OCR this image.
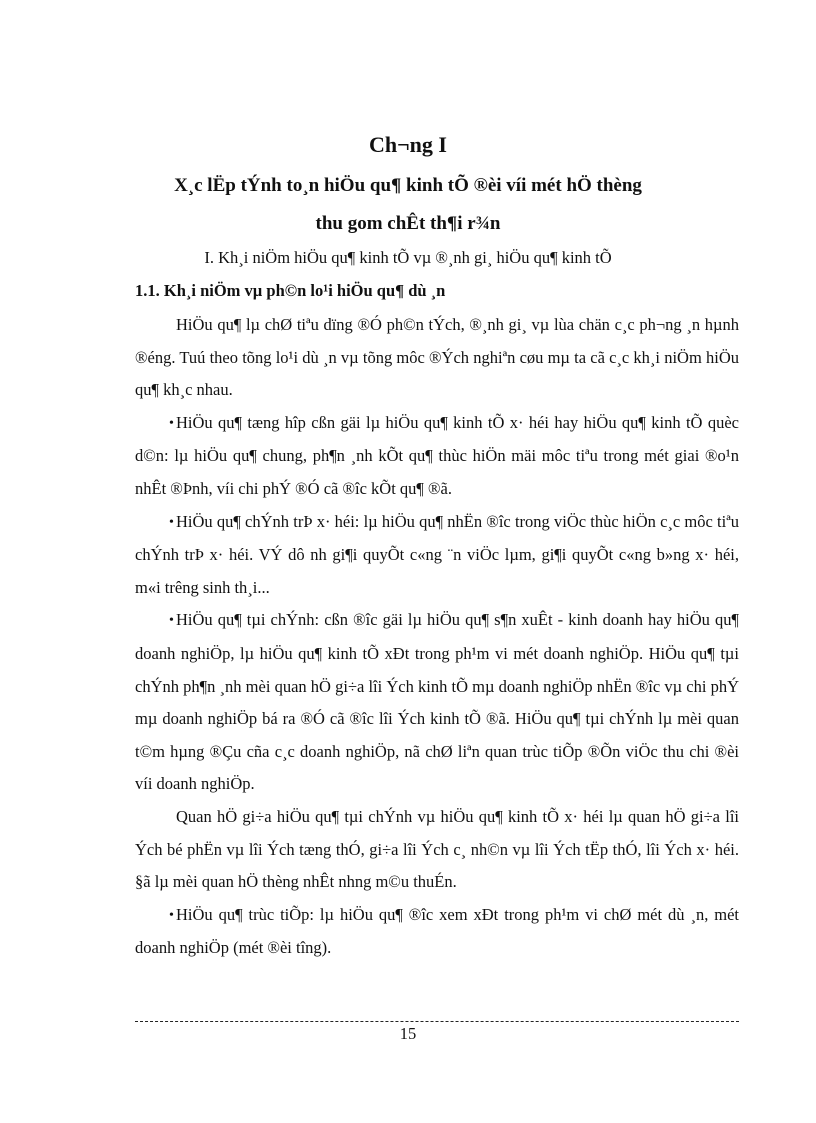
Ch¬ng I
X¸c lËp tÝnh to¸n hiÖu qu¶ kinh tÕ ®èi víi mét hÖ thèng
thu gom chÊt th¶i r¾n
I. Kh¸i niÖm hiÖu qu¶ kinh tÕ vµ ®¸nh gi¸ hiÖu qu¶ kinh tÕ
1.1. Kh¸i niÖm vµ ph©n lo¹i hiÖu qu¶ dù ¸n

HiÖu qu¶ lµ chØ tiªu dïng ®Ó ph©n tÝch, ®¸nh gi¸ vµ lùa chän c¸c ph¬ng ¸n hµnh ®éng. Tuú theo tõng lo¹i dù ¸n vµ tõng môc ®Ých nghiªn cøu mµ ta cã c¸c kh¸i niÖm hiÖu qu¶ kh¸c nhau.

• HiÖu qu¶ tæng hîp cßn gäi lµ hiÖu qu¶ kinh tÕ x· héi hay hiÖu qu¶ kinh tÕ quèc d©n: lµ hiÖu qu¶ chung, ph¶n ¸nh kÕt qu¶ thùc hiÖn mäi môc tiªu trong mét giai ®o¹n nhÊt ®Þnh, víi chi phÝ ®Ó cã ®îc kÕt qu¶ ®ã.

• HiÖu qu¶ chÝnh trÞ x· héi: lµ hiÖu qu¶ nhËn ®îc trong viÖc thùc hiÖn c¸c môc tiªu chÝnh trÞ x· héi. VÝ dô nh gi¶i quyÕt c«ng ¨n viÖc lµm, gi¶i quyÕt c«ng b»ng x· héi, m«i trêng sinh th¸i...

• HiÖu qu¶ tµi chÝnh: cßn ®îc gäi lµ hiÖu qu¶ s¶n xuÊt - kinh doanh hay hiÖu qu¶ doanh nghiÖp, lµ hiÖu qu¶ kinh tÕ xÐt trong ph¹m vi mét doanh nghiÖp. HiÖu qu¶ tµi chÝnh ph¶n ¸nh mèi quan hÖ gi÷a lîi Ých kinh tÕ mµ doanh nghiÖp nhËn ®îc vµ chi phÝ mµ doanh nghiÖp bá ra ®Ó cã ®îc lîi Ých kinh tÕ ®ã. HiÖu qu¶ tµi chÝnh lµ mèi quan t©m hµng ®Çu cña c¸c doanh nghiÖp, nã chØ liªn quan trùc tiÕp ®Õn viÖc thu chi ®èi víi doanh nghiÖp.

Quan hÖ gi÷a hiÖu qu¶ tµi chÝnh vµ hiÖu qu¶ kinh tÕ x· héi lµ quan hÖ gi÷a lîi Ých bé phËn vµ lîi Ých tæng thÓ, gi÷a lîi Ých c¸ nh©n vµ lîi Ých tËp thÓ, lîi Ých x· héi. §ã lµ mèi quan hÖ thèng nhÊt nhng m©u thuÉn.

• HiÖu qu¶ trùc tiÕp: lµ hiÖu qu¶ ®îc xem xÐt trong ph¹m vi chØ mét dù ¸n, mét doanh nghiÖp (mét ®èi tîng).

15
